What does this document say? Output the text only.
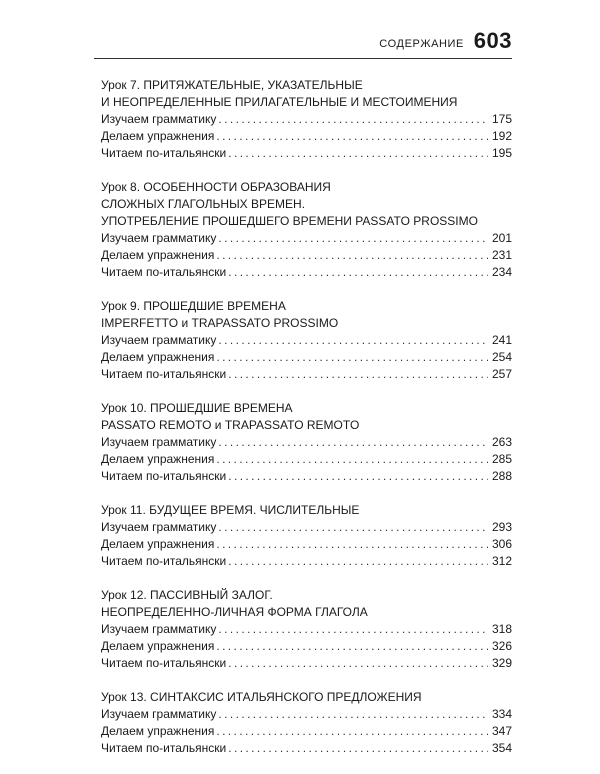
СОДЕРЖАНИЕ 603
Урок 7. ПРИТЯЖАТЕЛЬНЫЕ, УКАЗАТЕЛЬНЫЕ
И НЕОПРЕДЕЛЕННЫЕ ПРИЛАГАТЕЛЬНЫЕ И МЕСТОИМЕНИЯ
Изучаем грамматику .....	175
Делаем упражнения .....	192
Читаем по-итальянски .....	195
Урок 8. ОСОБЕННОСТИ ОБРАЗОВАНИЯ
СЛОЖНЫХ ГЛАГОЛЬНЫХ ВРЕМЕН.
УПОТРЕБЛЕНИЕ ПРОШЕДШЕГО ВРЕМЕНИ PASSATO PROSSIMO
Изучаем грамматику .....	201
Делаем упражнения .....	231
Читаем по-итальянски .....	234
Урок 9. ПРОШЕДШИЕ ВРЕМЕНА
IMPERFETTO и TRAPASSATO PROSSIMO
Изучаем грамматику .....	241
Делаем упражнения .....	254
Читаем по-итальянски .....	257
Урок 10. ПРОШЕДШИЕ ВРЕМЕНА
PASSATO REMOTO и TRAPASSATO REMOTO
Изучаем грамматику .....	263
Делаем упражнения .....	285
Читаем по-итальянски .....	288
Урок 11. БУДУЩЕЕ ВРЕМЯ. ЧИСЛИТЕЛЬНЫЕ
Изучаем грамматику .....	293
Делаем упражнения .....	306
Читаем по-итальянски .....	312
Урок 12. ПАССИВНЫЙ ЗАЛОГ.
НЕОПРЕДЕЛЕННО-ЛИЧНАЯ ФОРМА ГЛАГОЛА
Изучаем грамматику .....	318
Делаем упражнения .....	326
Читаем по-итальянски .....	329
Урок 13. СИНТАКСИС ИТАЛЬЯНСКОГО ПРЕДЛОЖЕНИЯ
Изучаем грамматику .....	334
Делаем упражнения .....	347
Читаем по-итальянски .....	354
